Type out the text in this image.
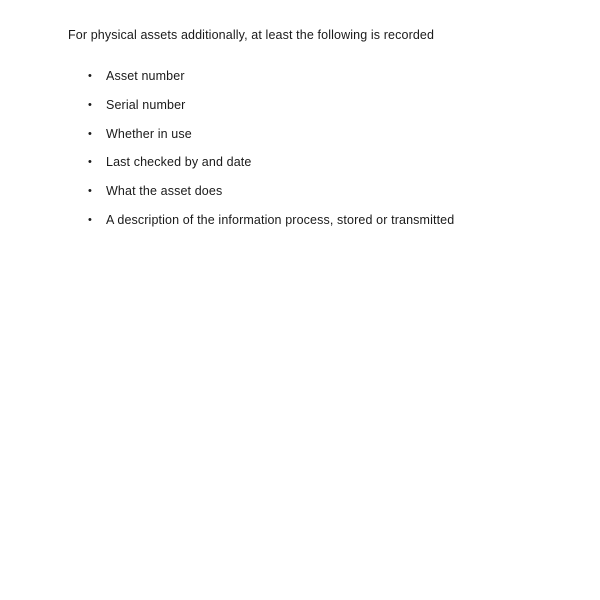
For physical assets additionally, at least the following is recorded
•	Asset number
•	Serial number
•	Whether in use
•	Last checked by and date
•	What the asset does
•	A description of the information process, stored or transmitted
